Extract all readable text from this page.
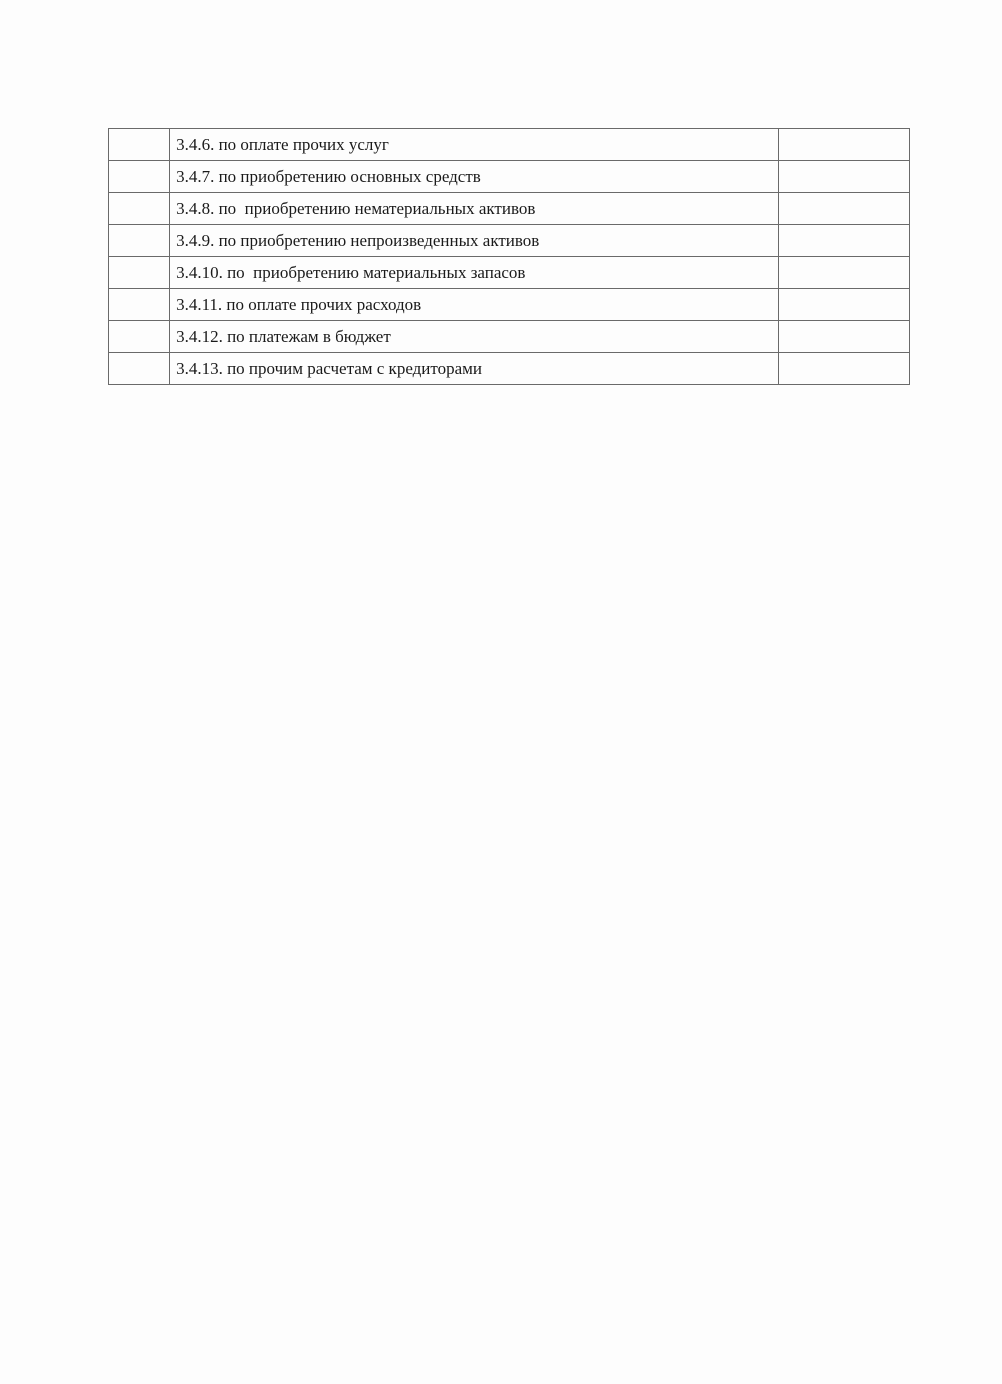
	3.4.6. по оплате прочих услуг	
	3.4.7. по приобретению основных средств	
	3.4.8. по  приобретению нематериальных активов	
	3.4.9. по приобретению непроизведенных активов	
	3.4.10. по  приобретению материальных запасов	
	3.4.11. по оплате прочих расходов	
	3.4.12. по платежам в бюджет	
	3.4.13. по прочим расчетам с кредиторами	
